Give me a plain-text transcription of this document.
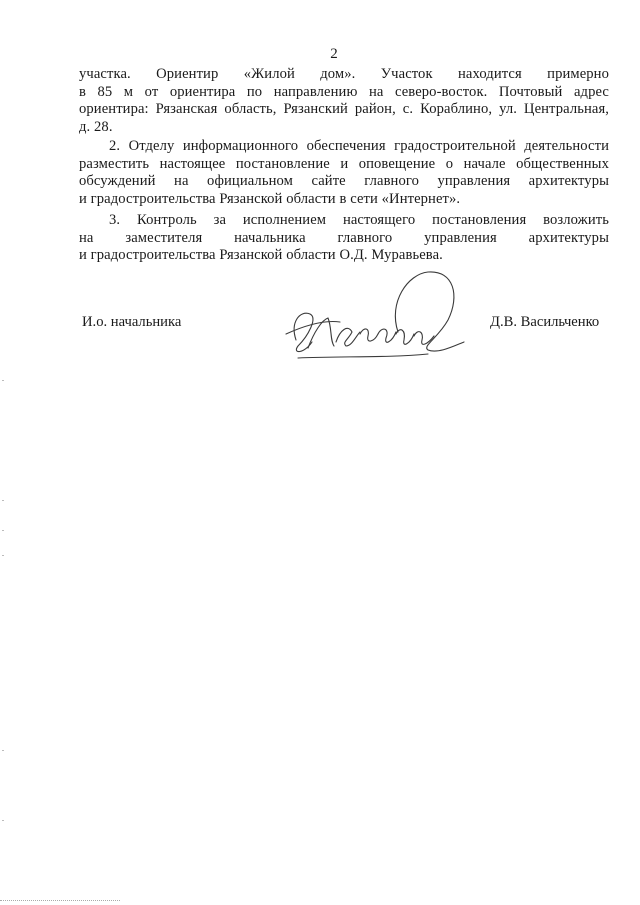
2
участка. Ориентир «Жилой дом». Участок находится примерно
в 85 м от ориентира по направлению на северо-восток. Почтовый адрес
ориентира: Рязанская область, Рязанский район, с. Кораблино, ул. Центральная,
д. 28.
2. Отделу информационного обеспечения градостроительной деятельности
разместить настоящее постановление и оповещение о начале общественных
обсуждений на официальном сайте главного управления архитектуры
и градостроительства Рязанской области в сети «Интернет».
3. Контроль за исполнением настоящего постановления возложить
на заместителя начальника главного управления архитектуры
и градостроительства Рязанской области О.Д. Муравьева.
И.о. начальника	Д.В. Васильченко
